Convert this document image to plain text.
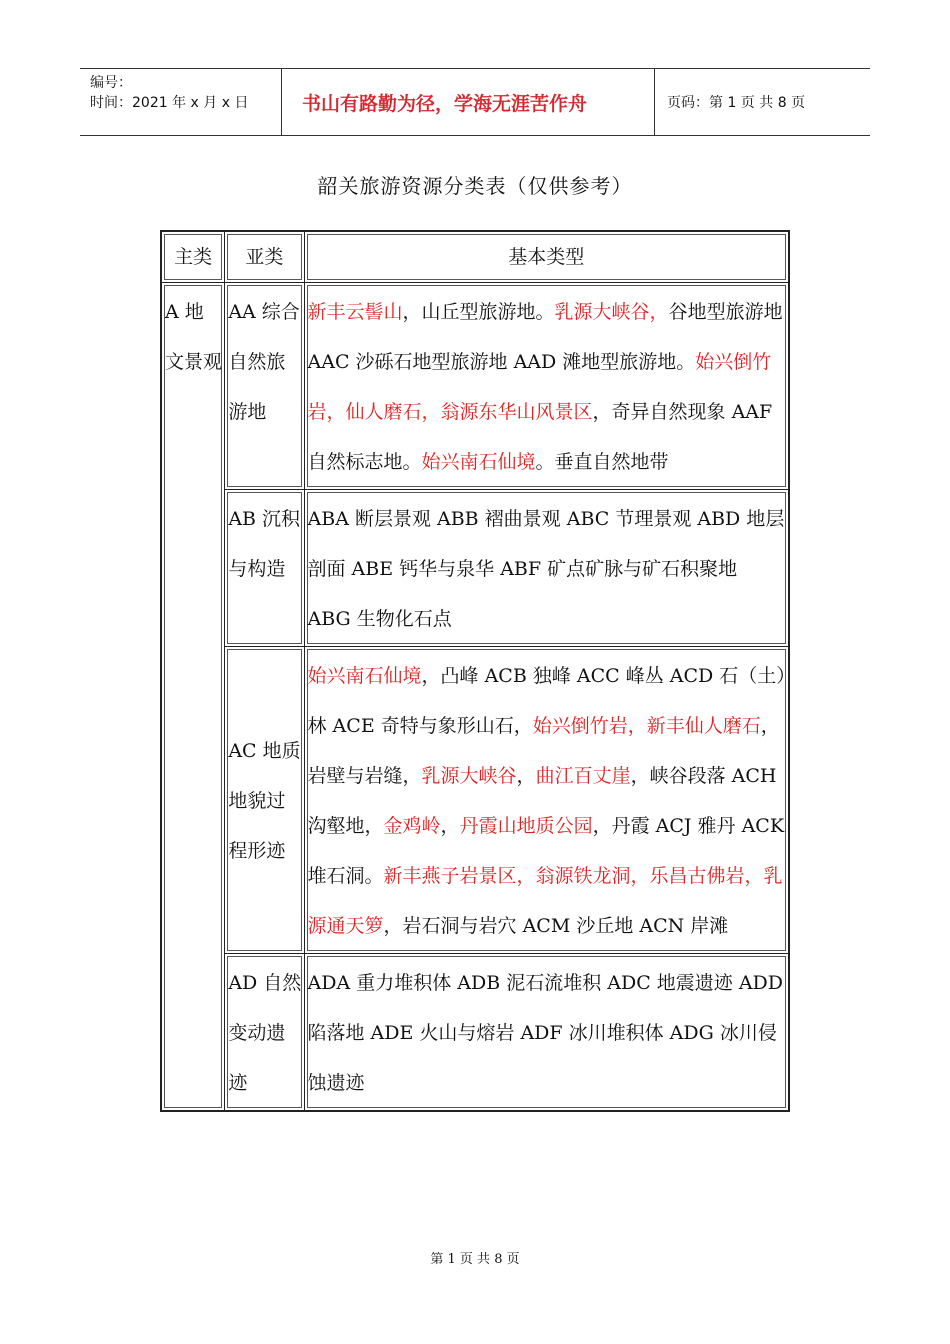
编号：
时间：2021 年 x 月 x 日	书山有路勤为径，学海无涯苦作舟	页码：第 1 页 共 8 页
韶关旅游资源分类表（仅供参考）
主类	亚类	基本类型
A 地文景观	AA 综合自然旅游地	新丰云髻山，山丘型旅游地。乳源大峡谷，谷地型旅游地 AAC 沙砾石地型旅游地 AAD 滩地型旅游地。始兴倒竹岩，仙人磨石，翁源东华山风景区，奇异自然现象 AAF 自然标志地。始兴南石仙境。垂直自然地带
	AB 沉积与构造	ABA 断层景观 ABB 褶曲景观 ABC 节理景观 ABD 地层剖面 ABE 钙华与泉华 ABF 矿点矿脉与矿石积聚地 ABG 生物化石点
	AC 地质地貌过程形迹	始兴南石仙境，凸峰 ACB 独峰 ACC 峰丛 ACD 石（土）林 ACE 奇特与象形山石，始兴倒竹岩，新丰仙人磨石，岩壁与岩缝，乳源大峡谷，曲江百丈崖，峡谷段落 ACH 沟壑地，金鸡岭，丹霞山地质公园，丹霞 ACJ 雅丹 ACK 堆石洞。新丰燕子岩景区，翁源铁龙洞，乐昌古佛岩，乳源通天箩，岩石洞与岩穴 ACM 沙丘地 ACN 岸滩
	AD 自然变动遗迹	ADA 重力堆积体 ADB 泥石流堆积 ADC 地震遗迹 ADD 陷落地 ADE 火山与熔岩 ADF 冰川堆积体 ADG 冰川侵蚀遗迹
第 1 页 共 8 页
